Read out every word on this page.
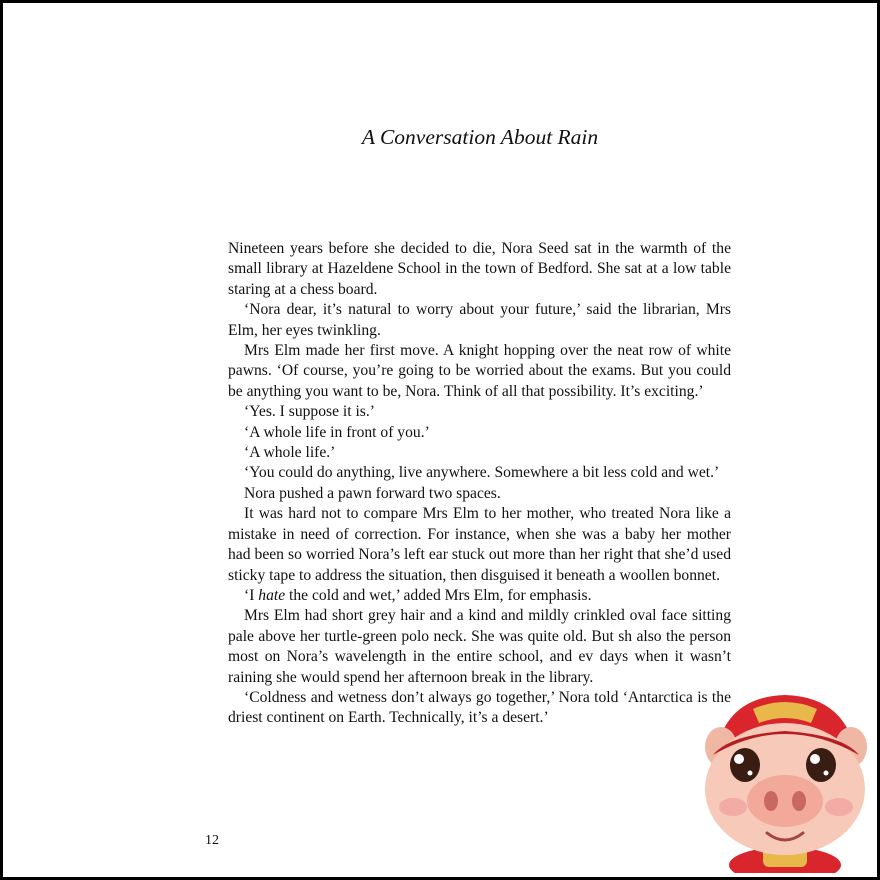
A Conversation About Rain

Nineteen years before she decided to die, Nora Seed sat in the warmth of the small library at Hazeldene School in the town of Bedford. She sat at a low table staring at a chess board.

‘Nora dear, it’s natural to worry about your future,’ said the librarian, Mrs Elm, her eyes twinkling.

Mrs Elm made her first move. A knight hopping over the neat row of white pawns. ‘Of course, you’re going to be worried about the exams. But you could be anything you want to be, Nora. Think of all that possibility. It’s exciting.’

‘Yes. I suppose it is.’

‘A whole life in front of you.’

‘A whole life.’

‘You could do anything, live anywhere. Somewhere a bit less cold and wet.’

Nora pushed a pawn forward two spaces.

It was hard not to compare Mrs Elm to her mother, who treated Nora like a mistake in need of correction. For instance, when she was a baby her mother had been so worried Nora’s left ear stuck out more than her right that she’d used sticky tape to address the situation, then disguised it beneath a woollen bonnet.

‘I hate the cold and wet,’ added Mrs Elm, for emphasis.

Mrs Elm had short grey hair and a kind and mildly crinkled oval face sitting pale above her turtle-green polo neck. She was quite old. But sh also the person most on Nora’s wavelength in the entire school, and ev days when it wasn’t raining she would spend her afternoon break in the library.

‘Coldness and wetness don’t always go together,’ Nora told ‘Antarctica is the driest continent on Earth. Technically, it’s a desert.’

12
